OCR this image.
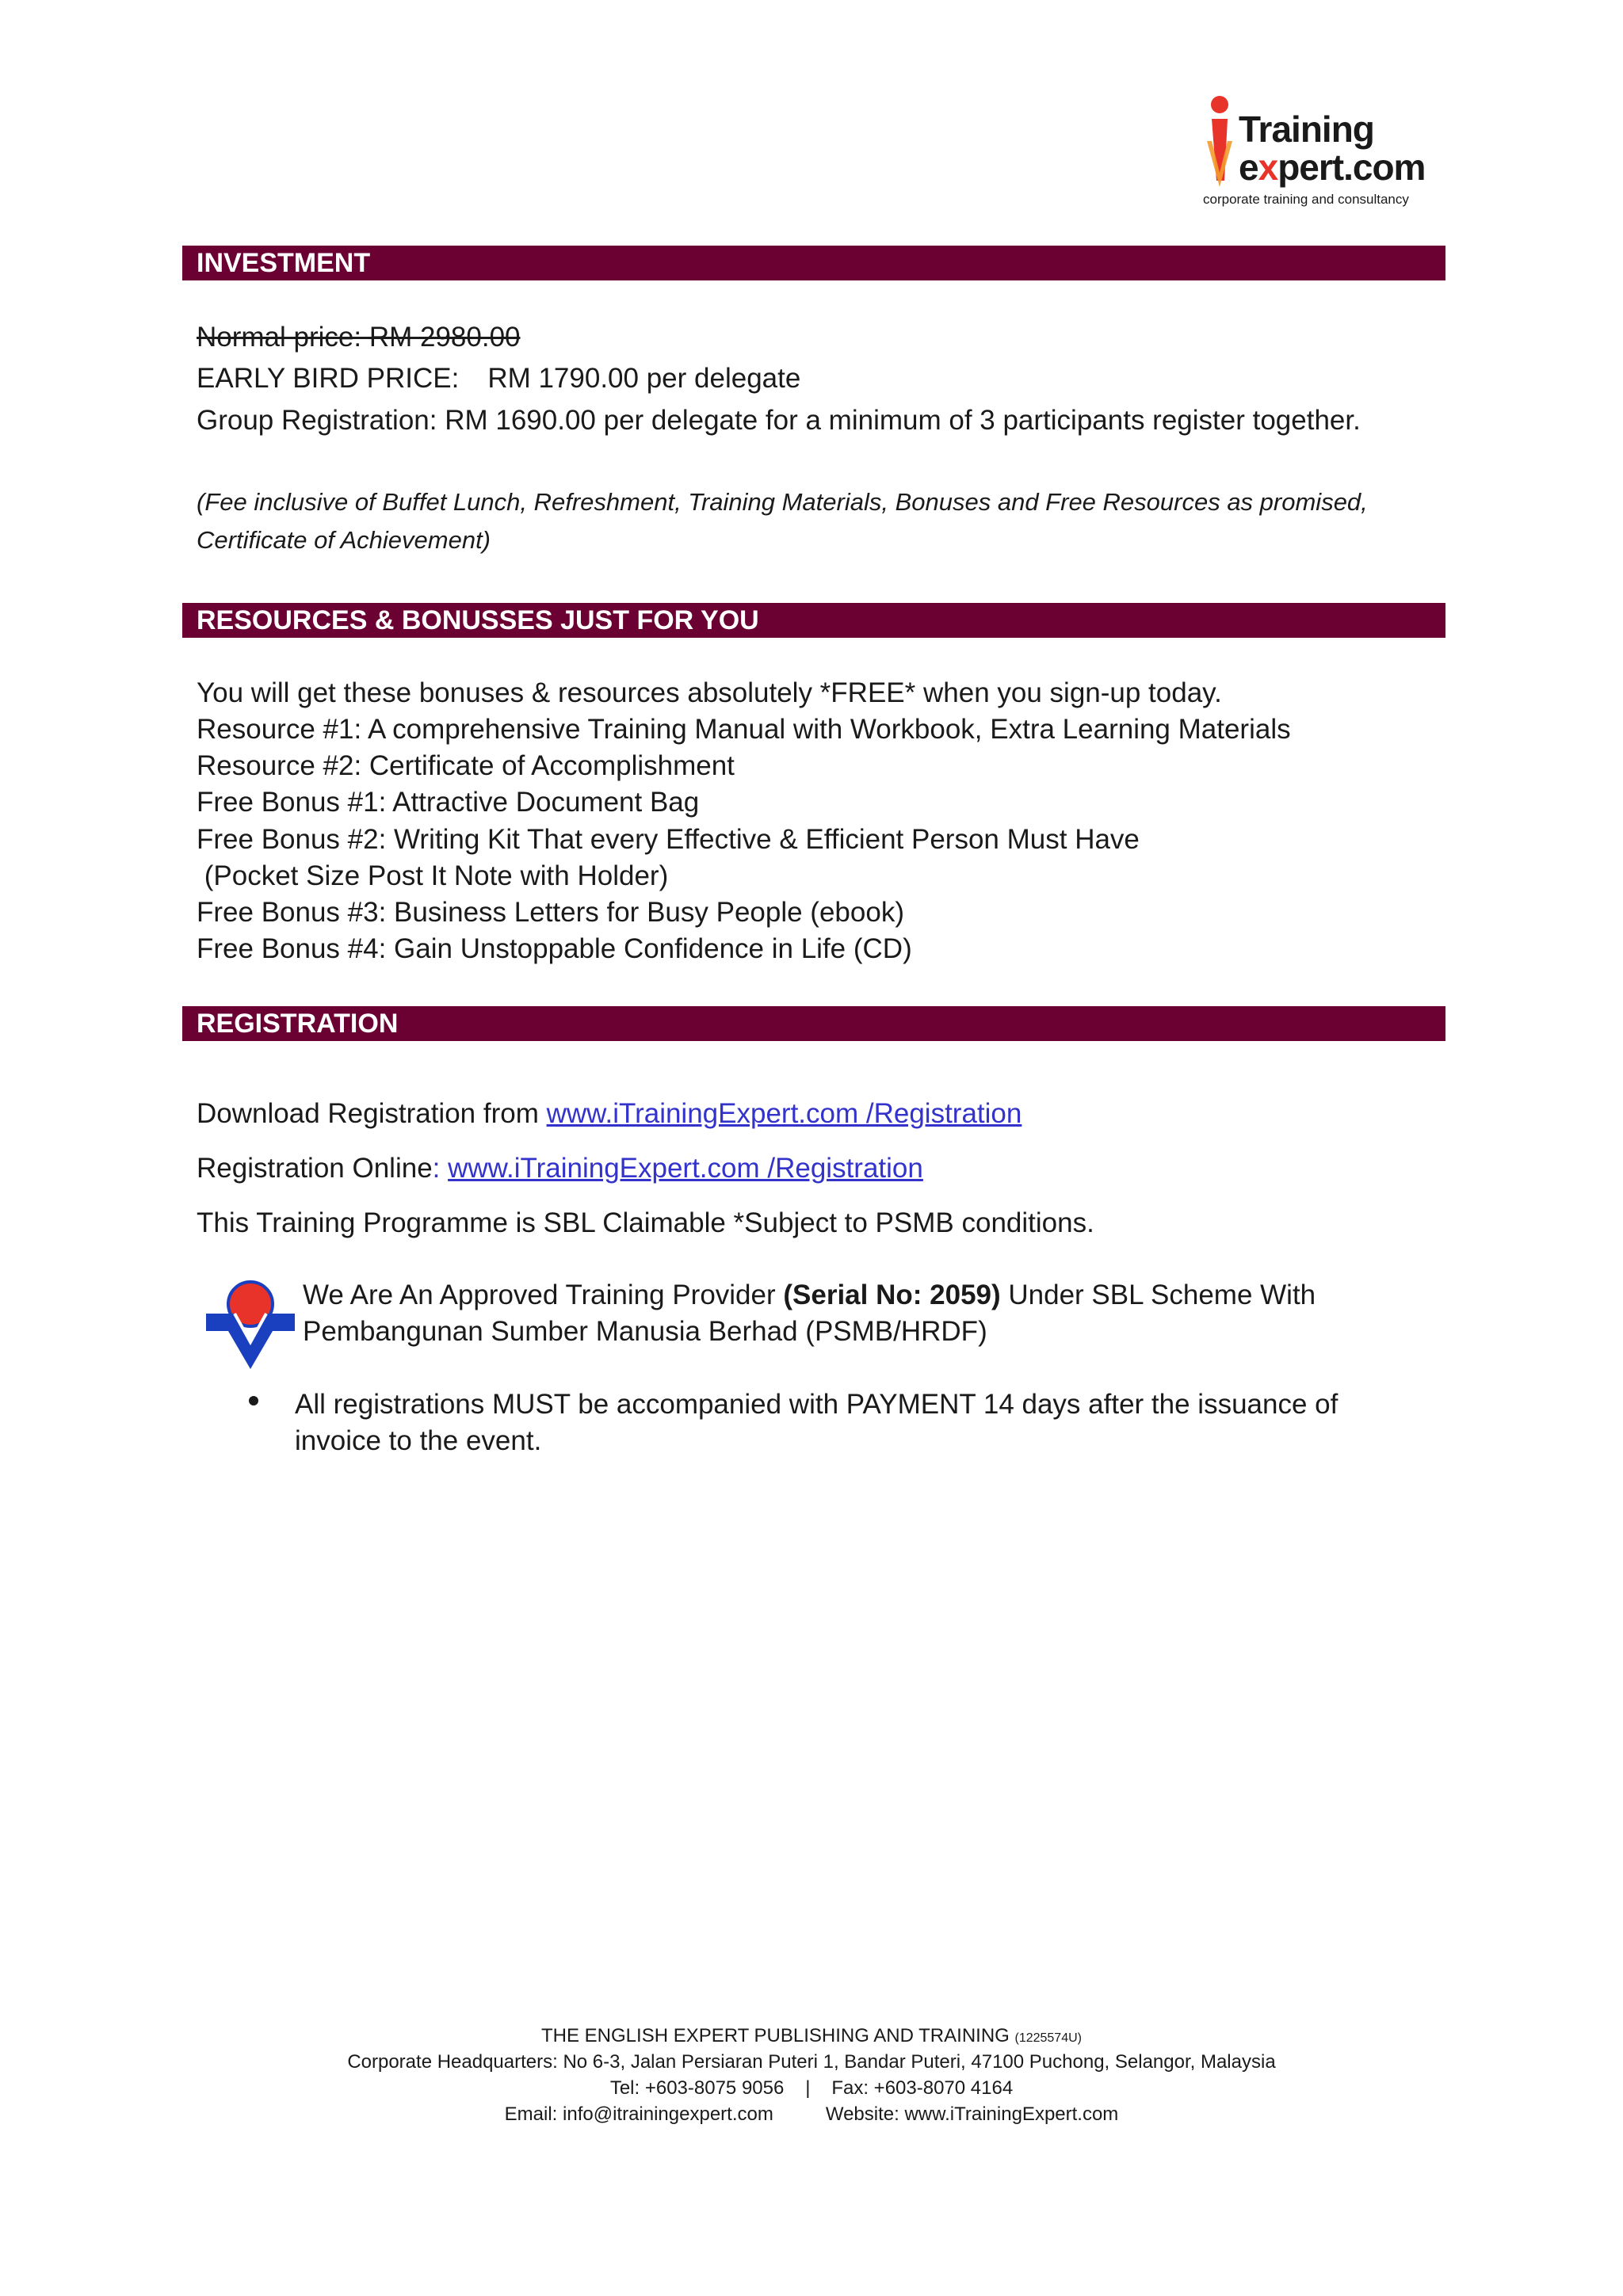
Training
expert.com
corporate training and consultancy
INVESTMENT
Normal price: RM 2980.00
EARLY BIRD PRICE: RM 1790.00 per delegate
Group Registration: RM 1690.00 per delegate for a minimum of 3 participants register together.
(Fee inclusive of Buffet Lunch, Refreshment, Training Materials, Bonuses and Free Resources as promised,
Certificate of Achievement)
RESOURCES & BONUSSES JUST FOR YOU
You will get these bonuses & resources absolutely *FREE* when you sign-up today.
Resource #1: A comprehensive Training Manual with Workbook, Extra Learning Materials
Resource #2: Certificate of Accomplishment
Free Bonus #1: Attractive Document Bag
Free Bonus #2: Writing Kit That every Effective & Efficient Person Must Have
(Pocket Size Post It Note with Holder)
Free Bonus #3: Business Letters for Busy People (ebook)
Free Bonus #4: Gain Unstoppable Confidence in Life (CD)
REGISTRATION
Download Registration from www.iTrainingExpert.com /Registration
Registration Online: www.iTrainingExpert.com /Registration
This Training Programme is SBL Claimable *Subject to PSMB conditions.
We Are An Approved Training Provider (Serial No: 2059) Under SBL Scheme With
Pembangunan Sumber Manusia Berhad (PSMB/HRDF)
All registrations MUST be accompanied with PAYMENT 14 days after the issuance of
invoice to the event.
THE ENGLISH EXPERT PUBLISHING AND TRAINING (1225574U)
Corporate Headquarters: No 6-3, Jalan Persiaran Puteri 1, Bandar Puteri, 47100 Puchong, Selangor, Malaysia
Tel: +603-8075 9056 | Fax: +603-8070 4164
Email: info@itrainingexpert.com	Website: www.iTrainingExpert.com
